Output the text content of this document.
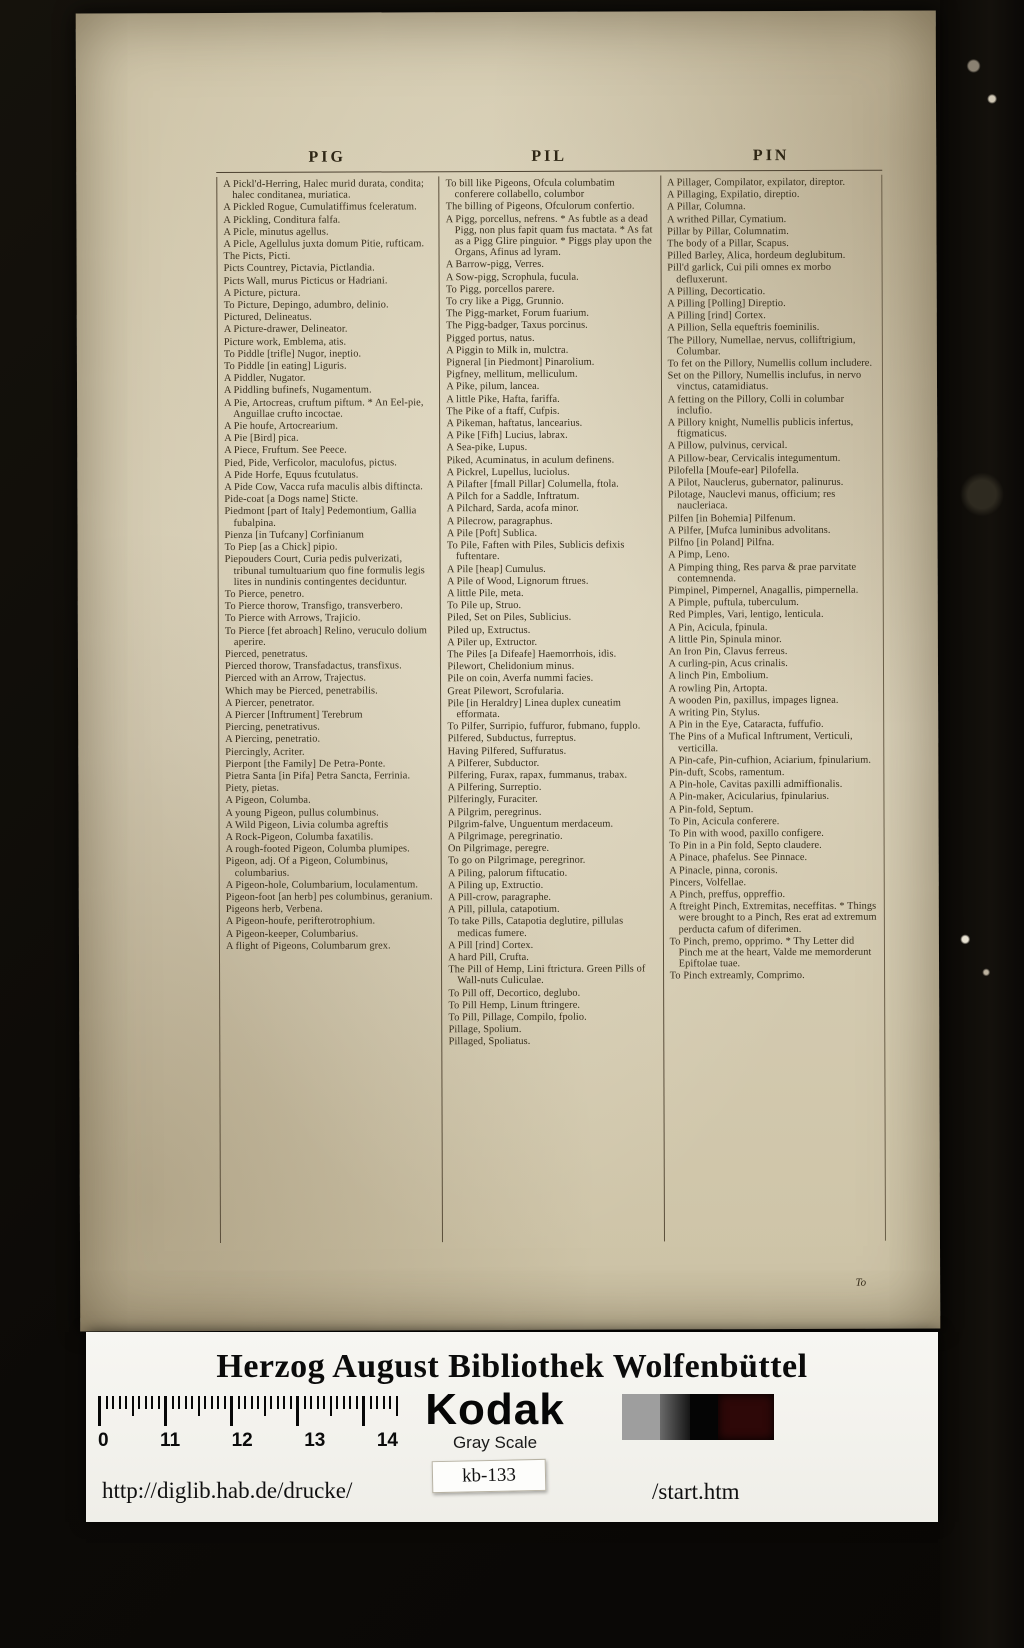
PIG	PIL	PIN

A Pickl'd-Herring, Halec murid durata, condita; halec conditanea, muriatica.

A Pickled Rogue, Cumulatiffimus fceleratum.

A Pickling, Conditura falfa.

A Picle, minutus agellus.

A Picle, Agellulus juxta domum Pitie, rufticam.

The Picts, Picti.

Picts Countrey, Pictavia, Pictlandia.

Picts Wall, murus Picticus or Hadriani.

A Picture, pictura.

To Picture, Depingo, adumbro, delinio.

Pictured, Delineatus.

A Picture-drawer, Delineator.

Picture work, Emblema, atis.

To Piddle [trifle] Nugor, ineptio.

To Piddle [in eating] Liguris.

A Piddler, Nugator.

A Piddling bufinefs, Nugamentum.

A Pie, Artocreas, cruftum piftum. * An Eel-pie, Anguillae crufto incoctae.

A Pie houfe, Artocrearium.

A Pie [Bird] pica.

A Piece, Fruftum. See Peece.

Pied, Pide, Verficolor, maculofus, pictus.

A Pide Horfe, Equus fcutulatus.

A Pide Cow, Vacca rufa maculis albis diftincta.

Pide-coat [a Dogs name] Sticte.

Piedmont [part of Italy] Pedemontium, Gallia fubalpina.

Pienza [in Tufcany] Corfinianum

To Piep [as a Chick] pipio.

Piepouders Court, Curia pedis pulverizati, tribunal tumultuarium quo fine formulis legis lites in nundinis contingentes deciduntur.

To Pierce, penetro.

To Pierce thorow, Transfigo, transverbero.

To Pierce with Arrows, Trajicio.

To Pierce [fet abroach] Relino, veruculo dolium aperire.

Pierced, penetratus.

Pierced thorow, Transfadactus, transfixus.

Pierced with an Arrow, Trajectus.

Which may be Pierced, penetrabilis.

A Piercer, penetrator.

A Piercer [Inftrument] Terebrum

Piercing, penetrativus.

A Piercing, penetratio.

Piercingly, Acriter.

Pierpont [the Family] De Petra-Ponte.

Pietra Santa [in Pifa] Petra Sancta, Ferrinia.

Piety, pietas.

A Pigeon, Columba.

A young Pigeon, pullus columbinus.

A Wild Pigeon, Livia columba agreftis

A Rock-Pigeon, Columba faxatilis.

A rough-footed Pigeon, Columba plumipes.

Pigeon, adj. Of a Pigeon, Columbinus, columbarius.

A Pigeon-hole, Columbarium, loculamentum.

Pigeon-foot [an herb] pes columbinus, geranium.

Pigeons herb, Verbena.

A Pigeon-houfe, perifterotrophium.

A Pigeon-keeper, Columbarius.

A flight of Pigeons, Columbarum grex.

To bill like Pigeons, Ofcula columbatim conferere collabello, columbor

The billing of Pigeons, Ofculorum confertio.

A Pigg, porcellus, nefrens. * As fubtle as a dead Pigg, non plus fapit quam fus mactata. * As fat as a Pigg Glire pinguior. * Piggs play upon the Organs, Afinus ad lyram.

A Barrow-pigg, Verres.

A Sow-pigg, Scrophula, fucula.

To Pigg, porcellos parere.

To cry like a Pigg, Grunnio.

The Pigg-market, Forum fuarium.

The Pigg-badger, Taxus porcinus.

Pigged portus, natus.

A Piggin to Milk in, mulctra.

Pigneral [in Piedmont] Pinarolium.

Pigfney, mellitum, melliculum.

A Pike, pilum, lancea.

A little Pike, Hafta, fariffa.

The Pike of a ftaff, Cufpis.

A Pikeman, haftatus, lancearius.

A Pike [Fifh] Lucius, labrax.

A Sea-pike, Lupus.

Piked, Acuminatus, in aculum definens.

A Pickrel, Lupellus, luciolus.

A Pilafter [fmall Pillar] Columella, ftola.

A Pilch for a Saddle, Inftratum.

A Pilchard, Sarda, acofa minor.

A Pilecrow, paragraphus.

A Pile [Poft] Sublica.

To Pile, Faften with Piles, Sublicis defixis fuftentare.

A Pile [heap] Cumulus.

A Pile of Wood, Lignorum ftrues.

A little Pile, meta.

To Pile up, Struo.

Piled, Set on Piles, Sublicius.

Piled up, Extructus.

A Piler up, Extructor.

The Piles [a Difeafe] Haemorrhois, idis.

Pilewort, Chelidonium minus.

Pile on coin, Averfa nummi facies.

Great Pilewort, Scrofularia.

Pile [in Heraldry] Linea duplex cuneatim efformata.

To Pilfer, Surripio, fuffuror, fubmano, fupplo.

Pilfered, Subductus, furreptus.

Having Pilfered, Suffuratus.

A Pilferer, Subductor.

Pilfering, Furax, rapax, fummanus, trabax.

A Pilfering, Surreptio.

Pilferingly, Furaciter.

A Pilgrim, peregrinus.

Pilgrim-falve, Unguentum merdaceum.

A Pilgrimage, peregrinatio.

On Pilgrimage, peregre.

To go on Pilgrimage, peregrinor.

A Piling, palorum fiftucatio.

A Piling up, Extructio.

A Pill-crow, paragraphe.

A Pill, pillula, catapotium.

To take Pills, Catapotia deglutire, pillulas medicas fumere.

A Pill [rind] Cortex.

A hard Pill, Crufta.

The Pill of Hemp, Lini ftrictura. Green Pills of Wall-nuts Culiculae.

To Pill off, Decortico, deglubo.

To Pill Hemp, Linum ftringere.

To Pill, Pillage, Compilo, fpolio.

Pillage, Spolium.

Pillaged, Spoliatus.

A Pillager, Compilator, expilator, direptor.

A Pillaging, Expilatio, direptio.

A Pillar, Columna.

A writhed Pillar, Cymatium.

Pillar by Pillar, Columnatim.

The body of a Pillar, Scapus.

Pilled Barley, Alica, hordeum deglubitum.

Pill'd garlick, Cui pili omnes ex morbo defluxerunt.

A Pilling, Decorticatio.

A Pilling [Polling] Direptio.

A Pilling [rind] Cortex.

A Pillion, Sella equeftris foeminilis.

The Pillory, Numellae, nervus, colliftrigium, Columbar.

To fet on the Pillory, Numellis collum includere.

Set on the Pillory, Numellis inclufus, in nervo vinctus, catamidiatus.

A fetting on the Pillory, Colli in columbar inclufio.

A Pillory knight, Numellis publicis infertus, ftigmaticus.

A Pillow, pulvinus, cervical.

A Pillow-bear, Cervicalis integumentum.

Pilofella [Moufe-ear] Pilofella.

A Pilot, Nauclerus, gubernator, palinurus.

Pilotage, Nauclevi manus, officium; res naucleriaca.

Pilfen [in Bohemia] Pilfenum.

A Pilfer, [Mufca luminibus advolitans.

Pilfno [in Poland] Pilfna.

A Pimp, Leno.

A Pimping thing, Res parva & prae parvitate contemnenda.

Pimpinel, Pimpernel, Anagallis, pimpernella.

A Pimple, puftula, tuberculum.

Red Pimples, Vari, lentigo, lenticula.

A Pin, Acicula, fpinula.

A little Pin, Spinula minor.

An Iron Pin, Clavus ferreus.

A curling-pin, Acus crinalis.

A linch Pin, Embolium.

A rowling Pin, Artopta.

A wooden Pin, paxillus, impages lignea.

A writing Pin, Stylus.

A Pin in the Eye, Cataracta, fuffufio.

The Pins of a Mufical Inftrument, Verticuli, verticilla.

A Pin-cafe, Pin-cufhion, Aciarium, fpinularium.

Pin-duft, Scobs, ramentum.

A Pin-hole, Cavitas paxilli admiffionalis.

A Pin-maker, Acicularius, fpinularius.

A Pin-fold, Septum.

To Pin, Acicula conferere.

To Pin with wood, paxillo configere.

To Pin in a Pin fold, Septo claudere.

A Pinace, phafelus. See Pinnace.

A Pinacle, pinna, coronis.

Pincers, Volfellae.

A Pinch, preffus, oppreffio.

A ftreight Pinch, Extremitas, neceffitas. * Things were brought to a Pinch, Res erat ad extremum perducta cafum of diferimen.

To Pinch, premo, opprimo. * Thy Letter did Pinch me at the heart, Valde me memorderunt Epiftolae tuae.

To Pinch extreamly, Comprimo.

To

Herzog August Bibliothek Wolfenbüttel

0	11	12	13	14
Kodak
Gray Scale
kb-133
http://diglib.hab.de/drucke/	/start.htm
